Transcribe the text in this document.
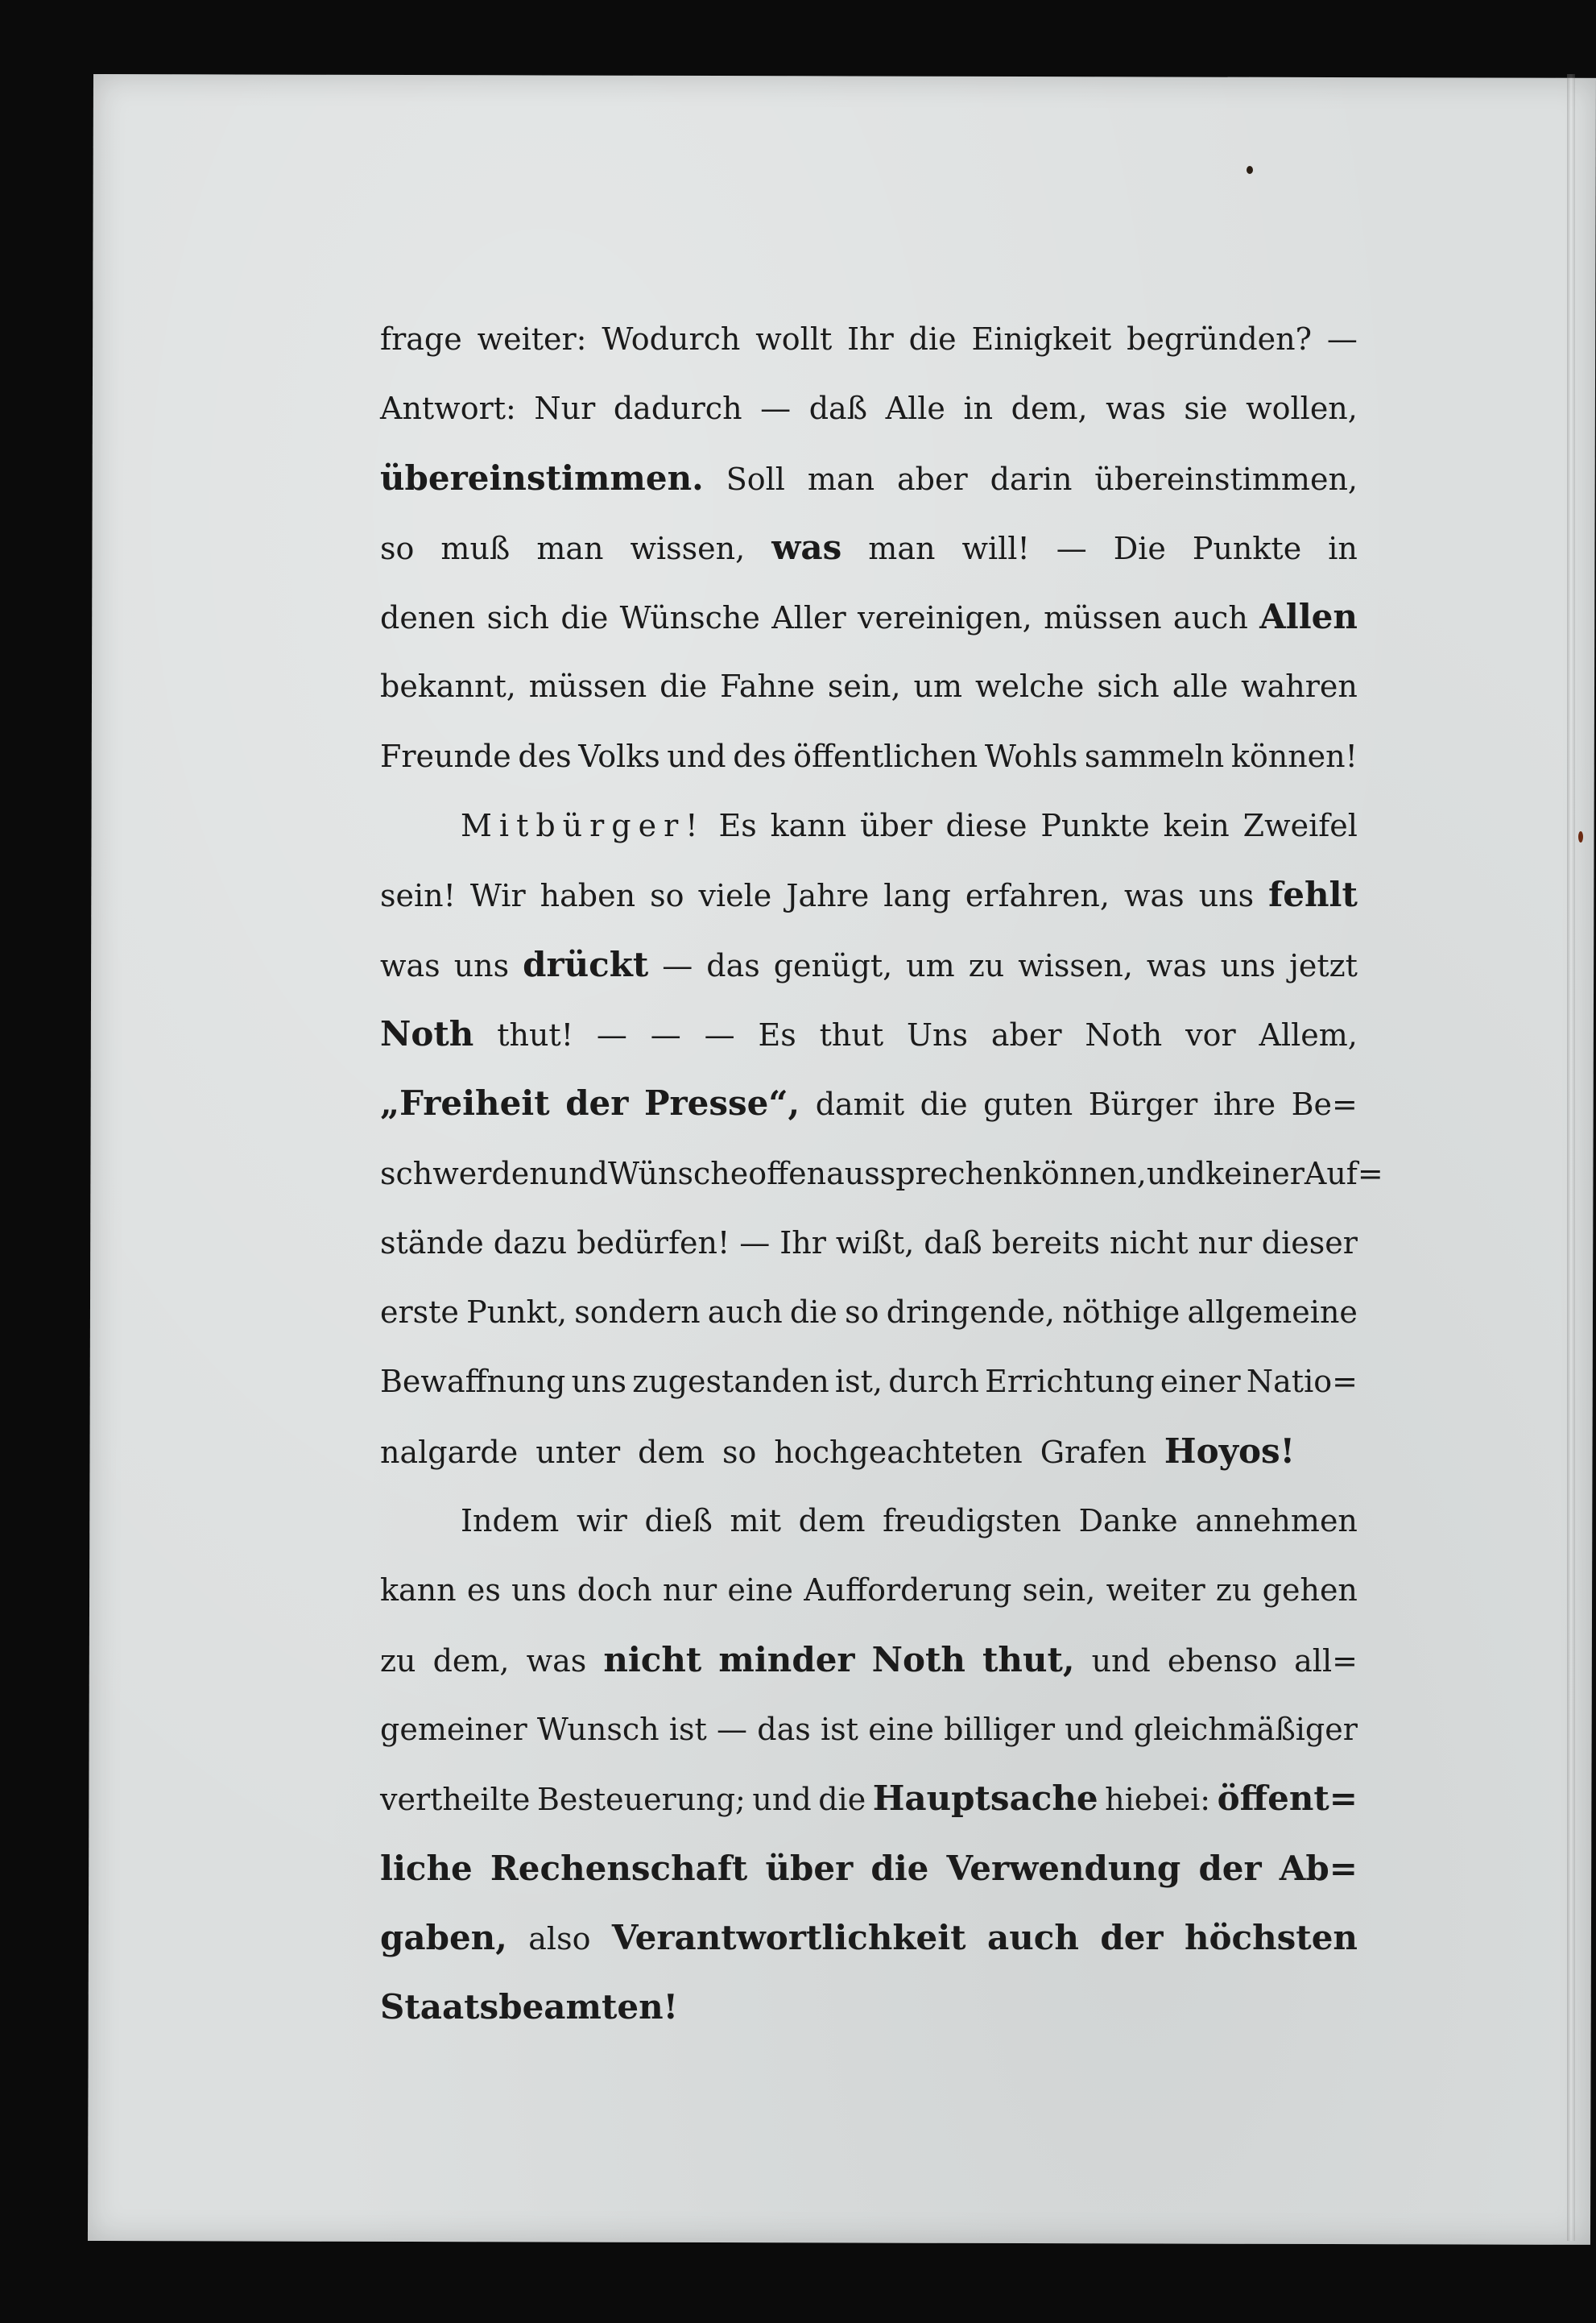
frage weiter: Wodurch wollt Ihr die Einigkeit begründen? —
Antwort: Nur dadurch — daß Alle in dem, was sie wollen,
übereinstimmen. Soll man aber darin übereinstimmen,
so muß man wissen, was man will! — Die Punkte in
denen sich die Wünsche Aller vereinigen, müssen auch Allen
bekannt, müssen die Fahne sein, um welche sich alle wahren
Freunde des Volks und des öffentlichen Wohls sammeln können!
Mitbürger! Es kann über diese Punkte kein Zweifel
sein! Wir haben so viele Jahre lang erfahren, was uns fehlt
was uns drückt — das genügt, um zu wissen, was uns jetzt
Noth thut! — — — Es thut Uns aber Noth vor Allem,
„Freiheit der Presse“, damit die guten Bürger ihre Be=
schwerden und Wünsche offen aussprechen können, und keiner Auf=
stände dazu bedürfen! — Ihr wißt, daß bereits nicht nur dieser
erste Punkt, sondern auch die so dringende, nöthige allgemeine
Bewaffnung uns zugestanden ist, durch Errichtung einer Natio=
nalgarde unter dem so hochgeachteten Grafen Hoyos!
Indem wir dieß mit dem freudigsten Danke annehmen
kann es uns doch nur eine Aufforderung sein, weiter zu gehen
zu dem, was nicht minder Noth thut, und ebenso all=
gemeiner Wunsch ist — das ist eine billiger und gleichmäßiger
vertheilte Besteuerung; und die Hauptsache hiebei: öffent=
liche Rechenschaft über die Verwendung der Ab=
gaben, also Verantwortlichkeit auch der höchsten
Staatsbeamten!
